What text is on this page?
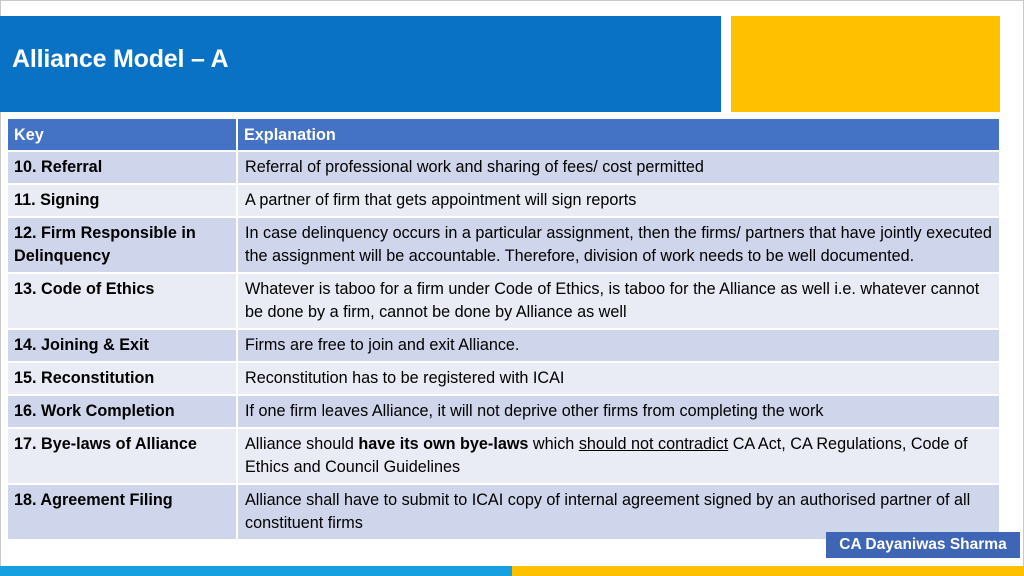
Alliance Model – A
Key	Explanation
10. Referral	Referral of professional work and sharing of fees/ cost permitted
11. Signing	A partner of firm that gets appointment will sign reports
12. Firm Responsible in Delinquency	In case delinquency occurs in a particular assignment, then the firms/ partners that have jointly executed the assignment will be accountable. Therefore, division of work needs to be well documented.
13. Code of Ethics	Whatever is taboo for a firm under Code of Ethics, is taboo for the Alliance as well i.e. whatever cannot be done by a firm, cannot be done by Alliance as well
14. Joining & Exit	Firms are free to join and exit Alliance.
15. Reconstitution	Reconstitution has to be registered with ICAI
16. Work Completion	If one firm leaves Alliance, it will not deprive other firms from completing the work
17. Bye-laws of Alliance	Alliance should have its own bye-laws which should not contradict CA Act, CA Regulations, Code of Ethics and Council Guidelines
18. Agreement Filing	Alliance shall have to submit to ICAI copy of internal agreement signed by an authorised partner of all constituent firms
CA Dayaniwas Sharma
